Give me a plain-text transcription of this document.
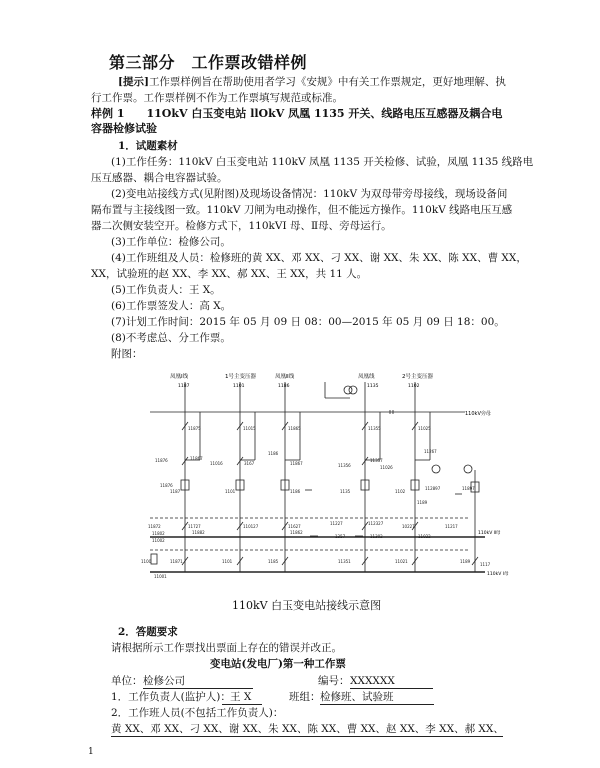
第三部分　工作票改错样例
[提示]工作票样例旨在帮助使用者学习《安规》中有关工作票规定，更好地理解、执
行工作票。工作票样例不作为工作票填写规范或标准。
样例 1　　11OkV 白玉变电站 llOkV 凤凰 1135 开关、线路电压互感器及耦合电
容器检修试验
1．试题素材
(1)工作任务：110kV 白玉变电站 110kV 凤凰 1135 开关检修、试验，凤凰 1135 线路电
压互感器、耦合电容器试验。
(2)变电站接线方式(见附图)及现场设备情况：110kV 为双母带旁母接线，现场设备间
隔布置与主接线图一致。110kV 刀闸为电动操作，但不能远方操作。110kV 线路电压互感
器二次侧安装空开。检修方式下，110kVI 母、Ⅱ母、旁母运行。
(3)工作单位：检修公司。
(4)工作班组及人员：检修班的黄 XX、邓 XX、刁 XX、谢 XX、朱 XX、陈 XX、曹 XX，
XX，试验班的赵 XX、李 XX、郝 XX、王 XX，共 11 人。
(5)工作负责人：王 X。
(6)工作票签发人：高 X。
(7)计划工作时间：2015 年 05 月 09 日 08：00—2015 年 05 月 09 日 18：00。
(8)不考虑总、分工作票。
附图：
凤凰Ⅰ线	1号主变压器	凤凰Ⅱ线	凤凰线	2号主变压器
1187	1101	1186	1135	1102
110kV旁母
110kV Ⅱ母
110kV Ⅰ母
11875	11015	11865	11355	11025
11876	11867
11016	3167	11867
1186
11356
11357
11026
11267
11876
1187	1101	1186	1135	1102
112897	11897
1189
11872	11727	110127	11627
11227	112327
10227	11217
11802
11002
11882	11862
1357	11302	11022
11871	1101	1185	11351	11021
1100
11001
1189
1117
110kV 白玉变电站接线示意图
2．答题要求
请根据所示工作票找出票面上存在的错误并改正。
变电站(发电厂)第一种工作票
单位： 检修公司	编号： XXXXXX
1．工作负责人(监护人)： 王 X	班组： 检修班、试验班
2．工作班人员(不包括工作负责人)：
黄 XX、邓 XX、刁 XX、谢 XX、朱 XX、陈 XX、曹 XX、赵 XX、李 XX、郝 XX、
1
